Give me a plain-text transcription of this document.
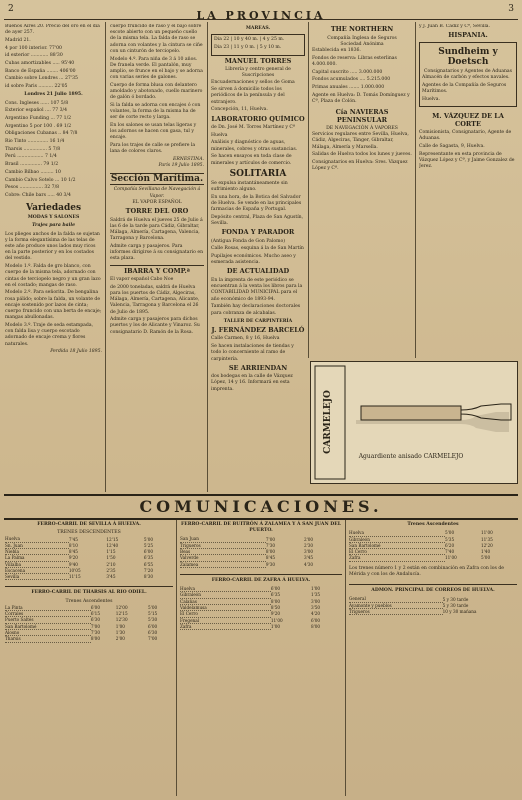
2	LA PROVINCIA	3

Buenos Aires 20. Precio del oro en el dia de ayer 257.

Madrid 21.

4 por 100 interior. 77'00

id exterior ............ 88'30

Cubas amortizables ..... 95'40

Banco de España ........ 406'00

Cambio sobre Londres ... 27'35

id sobre Paris .......... 22'05

Londres 21 Julio 1895.

Cons. Ingleses ...... 107 5/8

Exterior español .... 77 3/4

Argentino Funding ... 77 1/2

Argentino 5 por 100 . 69 1/2

Obligaciones Cubanas .. 84 7/8

Rio Tinto .............. 16 1/4

Tharsis ................ 5 7/8

Perú .................. 7 1/4

Brasil ............... 79 1/2

Cambio Bilbao ......... 10

Cambio Calvo Sotelo ... 10 1/2

Pesos ................ 32 7/8

Cobre: Chile bars ..... 40 3/4

Variedades
MODAS Y SALONES
Trajes para baile

Los plieges anchos de la falda se sujetan y la forma elegantísima de las telas de este año produce unos lados muy ricos en la parte posterior y en los costados del vestido.

Modelo 1.º. Falda de gro blanco, con cuerpo de la misma tela, adornado con cintas de terciopelo negro y un gran lazo en el costado; mangas de raso.

Modelo 2.º. Para señorita. De bengalina rosa pálido; sobre la falda, un volante de encaje sostenido por lazos de cinta; cuerpo fruncido con una berta de encaje; mangas abullonadas.

Modelo 3.º. Traje de seda estampada, con falda lisa y cuerpo escotado adornado de encaje crema y flores naturales.

Perdida 18 Julio 1895.

cuerpo fruncido de raso y el bajo sobre escote abierto con un pequeño cuello de la misma tela. La falda de raso se adorna con volantes y la cintura se ciñe con un cinturón de terciopelo.

Modelo 4.º. Para niña de 3 á 10 años. De franela verde. El pantalón, muy amplio, se frunce en el bajo y se adorna con varias series de galones.

Cuerpo de forma blusa con delantero amoldado y abotonado, cuello marinero de galón ó bordado.

Si la falda se adorna con encajes ó con volantes, la forma de la misma ha de ser de corte recto y larga.

En los salones se usan telas ligeras y los adornos se hacen con gasa, tul y encaje.

Para los trajes de calle se prefiere la lana de colores claros.

ERNESTINA.
París 19 Julio 1895.
Sección Marítima.
Compañía Sevillana de Navegación á Vapor.
EL VAPOR ESPAÑOL
TORRE DEL ORO

Saldrá de Huelva el jueves 25 de Julio á las 6 de la tarde para Cádiz, Gibraltar, Málaga, Almería, Cartagena, Valencia, Tarragona y Barcelona.

Admite carga y pasajeros. Para informes dirigirse á su consignatario en esta plaza.

IBARRA Y COMP.ª

El vapor español Cabo Noe

de 2000 toneladas, saldrá de Huelva para los puertos de Cádiz, Algeciras, Málaga, Almería, Cartagena, Alicante, Valencia, Tarragona y Barcelona el 26 de Julio de 1895.

Admite carga y pasajeros para dichos puertos y los de Alicante y Vinaroz. Su consignatario D. Ramón de la Rosa.

MAREAS.

Dia 22 | 10 y 40 m. | 4 y 25 m.

Dia 23 | 11 y 0 m. | 5 y 10 m.

MANUEL TORRES
Librería y centro general de Suscripciones

Encuadernaciones y sellos de Goma

Se sirven á domicilio todos los periódicos de la península y del extranjero.

Concepción, 11, Huelva.

LABORATORIO QUÍMICO

de Dn. José M. Torres Martínez y Cª

Huelva

Análisis y diagnóstico de aguas, minerales, cobres y otras sustancias.

Se hacen ensayos en toda clase de minerales y artículos de comercio.

SOLITARIA

Se expulsa instantáneamente sin sufrimiento alguno.

En una hora, de la Botica del Salvador de Huelva. Se vende en las principales farmacias de España y Portugal.

Depósito central, Plaza de San Agustín, Sevilla.

FONDA Y PARADOR

(Antigua Fonda de Gon Palomo)

Calle Rosas, esquina á la de San Martín

Pupilajes económicos. Mucho aseo y esmerada asistencia.

DE ACTUALIDAD

En la imprenta de este periódico se encuentran á la venta los libros para la CONTABILIDAD MUNICIPAL para el año económico de 1893-94.

También hay declaraciones doctorales para cobranza de alcabalas.

TALLER DE CARPINTERÍA
J. FERNÁNDEZ BARCELÓ

Calle Carmen, 8 y 16, Huelva

Se hacen instalaciones de tiendas y todo lo concerniente al ramo de carpintería.

SE ARRIENDAN

dos bodegas en la calle de Vázquez López, 14 y 16. Informará en esta imprenta.

THE NORTHERN
Compañía Inglesa de Seguros
Sociedad Anónima

Establecida en 1836.

Fondos de reserva: Libras esterlinas 4.000.000.

Capital suscrito ..... 3.000.000

Fondos acumulados .... 5.215.000

Primas anuales ....... 1.000.000

Agente en Huelva: D. Tomás Domínguez y Cª, Plaza de Colón.

Cía NAVIERAS PENINSULAR
DE NAVEGACIÓN Á VAPORES

Servicios regulares entre Sevilla, Huelva, Cádiz, Algeciras, Tánger, Gibraltar, Málaga, Almería y Marsella.

Salidas de Huelva todos los lunes y jueves.

Consignatarios en Huelva: Sres. Vázquez López y Cª.

y J. Juan B. Cadiz y Cª, Sevilla.
HISPANIA.
Sundheim y Doetsch
Consignatarios y Agentes de Aduanas

Almacén de carbón y efectos navales.

Agentes de la Compañía de Seguros Marítimos.

Huelva.

M. VÁZQUEZ DE LA CORTE

Comisionista, Consignatario, Agente de Aduanas.

Calle de Sagasta, 9, Huelva.

Representante en esta provincia de Vázquez López y Cª, y Jaime Gonzalez de Jerez.

CARMELEJO
Aguardiente anisado CARMELEJO
COMUNICACIONES.
FERRO-CARRIL DE SEVILLA Á HUELVA.
TRENES DESCENDENTES
Huelva	7'45	12'15	5'00
Sn. Juan	8'10	12'40	5'25
Niebla	8'45	1'15	6'00
La Palma	9'20	1'50	6'35
Villalba	9'40	2'10	6'55
Escacena	10'05	2'35	7'20
Sevilla	11'15	3'45	8'30
FERRO-CARRIL DE THARSIS AL RIO ODIEL.
Trenes Ascendentes
La Pinta	6'00	12'00	5'00
Corrales	6'15	12'15	5'15
Puerto Saltés	6'30	12'30	5'30
San Bartolomé	7'00	1'00	6'00
Alosno	7'30	1'30	6'30
Tharsis	8'00	2'00	7'00
FERRO-CARRIL DE BUITRÓN Á ZALAMEA Y Á SAN JUAN DEL PUERTO.
San Juan	7'00	2'00
Trigueros	7'30	2'30
Beas	8'00	3'00
Valverde	8'45	3'45
Zalamea	9'30	4'30
FERRO-CARRIL DE ZAFRA Á HUELVA.
Huelva	6'00	1'00
Gibraleón	6'35	1'35
Calañas	8'00	3'00
Valdelamusa	8'50	3'50
El Cerro	9'20	4'20
Fregenal	11'00	6'00
Zafra	1'00	8'00
Trenes Ascendentes
Huelva	5'00	11'00
Gibraleón	5'35	11'35
San Bartolomé	6'20	12'20
El Cerro	7'40	1'40
Zafra	11'00	5'00

Los trenes número 1 y 2 están en combinación en Zafra con los de Mérida y con los de Andalucía.

ADMON. PRINCIPAL DE CORREOS DE HUELVA.
General	5 y 30 tarde
Ayamonte y pueblos	5 y 30 tarde
Trigueros	10 y 30 mañana
